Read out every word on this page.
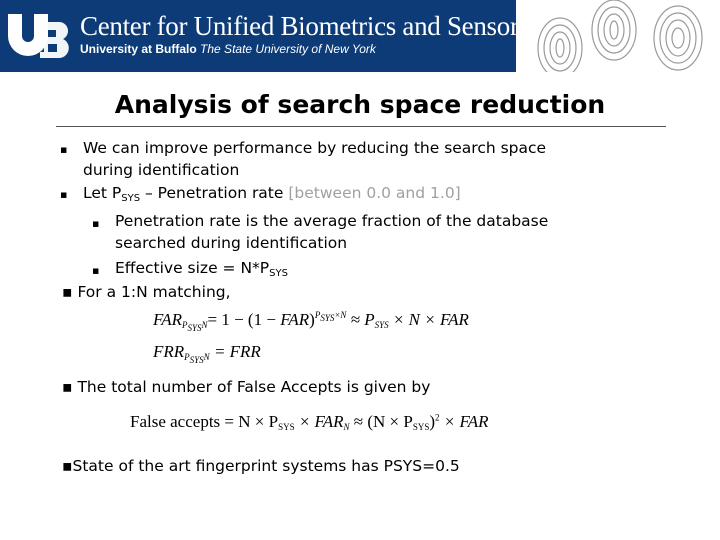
Center for Unified Biometrics and Sensors
University at Buffalo The State University of New York
Analysis of search space reduction
▪ We can improve performance by reducing the search space
during identification
▪ Let $P_{SYS}$ – Penetration rate [between 0.0 and 1.0]
▪ Penetration rate is the average fraction of the database
searched during identification
▪ Effective size = $N*P_{SYS}$
▪ For a 1:N matching,
$FAR_{P_{SYS}N}= 1 - (1 - FAR)^{P_{SYS}\times N} \approx P_{SYS} \times N$ × FAR
$FRR_{P_{SYS}N}$ = FRR
▪ The total number of False Accepts is given by
False accepts = $N \times P_{SYS} \times FAR_N \approx (N \times P_{SYS})^2$ × FAR
▪State of the art fingerprint systems has PSYS=0.5
